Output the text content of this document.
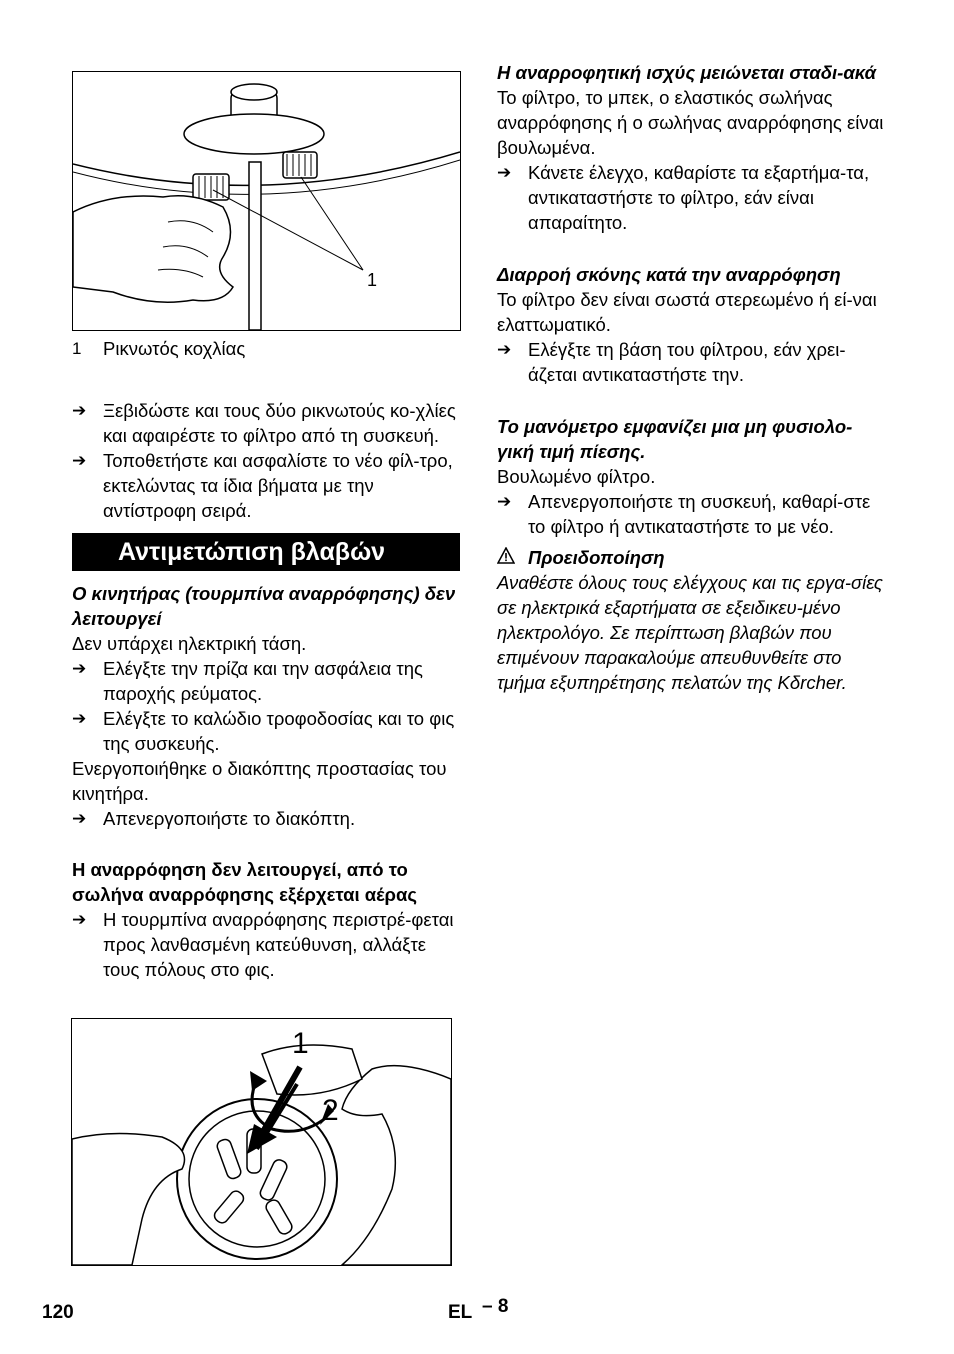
1

1	Ρικνωτός κοχλίας

➔ Ξεβιδώστε και τους δύο ρικνωτούς κο-χλίες και αφαιρέστε το φίλτρο από τη συσκευή.

➔ Τοποθετήστε και ασφαλίστε το νέο φίλ-τρο, εκτελώντας τα ίδια βήματα με την αντίστροφη σειρά.

Αντιμετώπιση βλαβών

Ο κινητήρας (τουρμπίνα αναρρόφησης) δεν λειτουργεί

Δεν υπάρχει ηλεκτρική τάση.

➔ Ελέγξτε την πρίζα και την ασφάλεια της παροχής ρεύματος.

➔ Ελέγξτε το καλώδιο τροφοδοσίας και το φις της συσκευής.

Ενεργοποιήθηκε ο διακόπτης προστασίας του κινητήρα.

➔ Απενεργοποιήστε το διακόπτη.

Η αναρρόφηση δεν λειτουργεί, από το σωλήνα αναρρόφησης εξέρχεται αέρας

➔ Η τουρμπίνα αναρρόφησης περιστρέ-φεται προς λανθασμένη κατεύθυνση, αλλάξτε τους πόλους στο φις.

1
2

Η αναρροφητική ισχύς μειώνεται σταδι-ακά

Το φίλτρο, το μπεκ, ο ελαστικός σωλήνας αναρρόφησης ή ο σωλήνας αναρρόφησης είναι βουλωμένα.

➔ Κάνετε έλεγχο, καθαρίστε τα εξαρτήμα-τα, αντικαταστήστε το φίλτρο, εάν είναι απαραίτητο.

Διαρροή σκόνης κατά την αναρρόφηση

Το φίλτρο δεν είναι σωστά στερεωμένο ή εί-ναι ελαττωματικό.

➔ Ελέγξτε τη βάση του φίλτρου, εάν χρει-άζεται αντικαταστήστε την.

Το μανόμετρο εμφανίζει μια μη φυσιολο-γική τιμή πίεσης.

Βουλωμένο φίλτρο.

➔ Απενεργοποιήστε τη συσκευή, καθαρί-στε το φίλτρο ή αντικαταστήστε το με νέο.

Προειδοποίηση

Αναθέστε όλους τους ελέγχους και τις εργα-σίες σε ηλεκτρικά εξαρτήματα σε εξειδικευ-μένο ηλεκτρολόγο. Σε περίπτωση βλαβών που επιμένουν παρακαλούμε απευθυνθείτε στο τμήμα εξυπηρέτησης πελατών της Kδrcher.

120	EL – 8
